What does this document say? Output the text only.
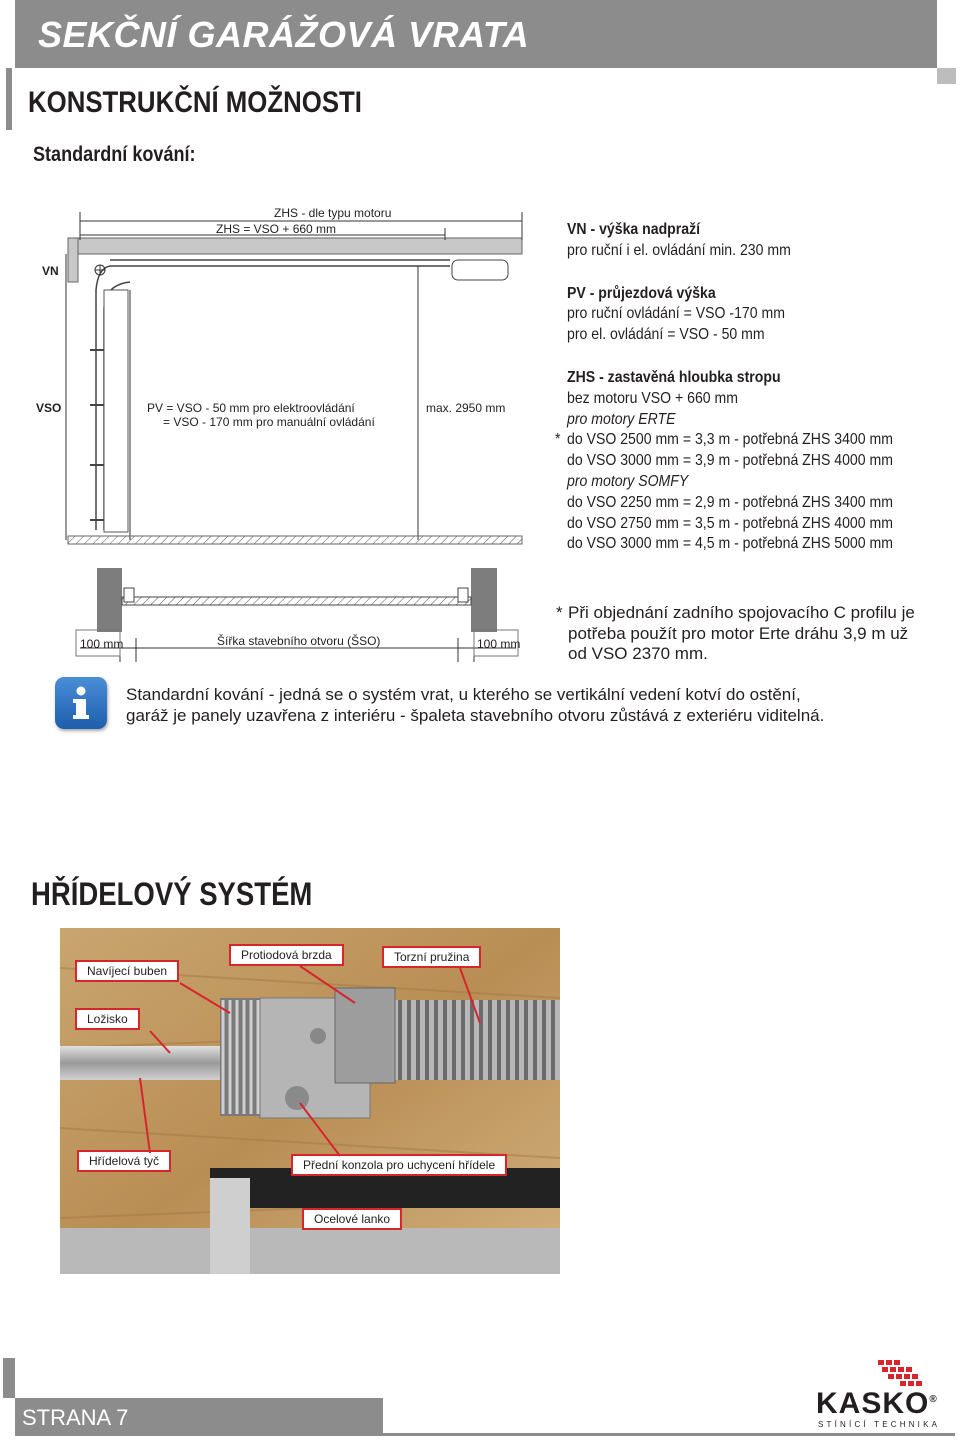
SEKČNÍ GARÁŽOVÁ VRATA
KONSTRUKČNÍ MOŽNOSTI
Standardní kování:
ZHS - dle typu motoru
ZHS = VSO + 660 mm
VN
VSO	PV = VSO - 50 mm pro elektroovládání
= VSO - 170 mm pro manuální ovládání
max. 2950 mm
100 mm	Šířka stavebního otvoru (ŠSO)	100 mm
VN - výška nadpraží
pro ruční i el. ovládání min. 230 mm
PV - průjezdová výška
pro ruční ovládání = VSO -170 mm
pro el. ovládání = VSO - 50 mm
ZHS - zastavěná hloubka stropu
bez motoru VSO + 660 mm
pro motory ERTE
* do VSO 2500 mm = 3,3 m - potřebná ZHS 3400 mm
do VSO 3000 mm = 3,9 m - potřebná ZHS 4000 mm
pro motory SOMFY
do VSO 2250 mm = 2,9 m - potřebná ZHS 3400 mm
do VSO 2750 mm = 3,5 m - potřebná ZHS 4000 mm
do VSO 3000 mm = 4,5 m - potřebná ZHS 5000 mm
* Při objednání zadního spojovacího C profilu je
potřeba použít pro motor Erte dráhu 3,9 m už
od VSO 2370 mm.
Standardní kování - jedná se o systém vrat, u kterého se vertikální vedení kotví do ostění,
garáž je panely uzavřena z interiéru - špaleta stavebního otvoru zůstává z exteriéru viditelná.
HŘÍDELOVÝ SYSTÉM
Navíjecí buben
Protiodová brzda	Torzní pružina
Ložisko
Hřídelová tyč	Přední konzola pro uchycení hřídele
Ocelové lanko
STRANA 7	KASKO®
STÍNÍCÍ TECHNIKA
